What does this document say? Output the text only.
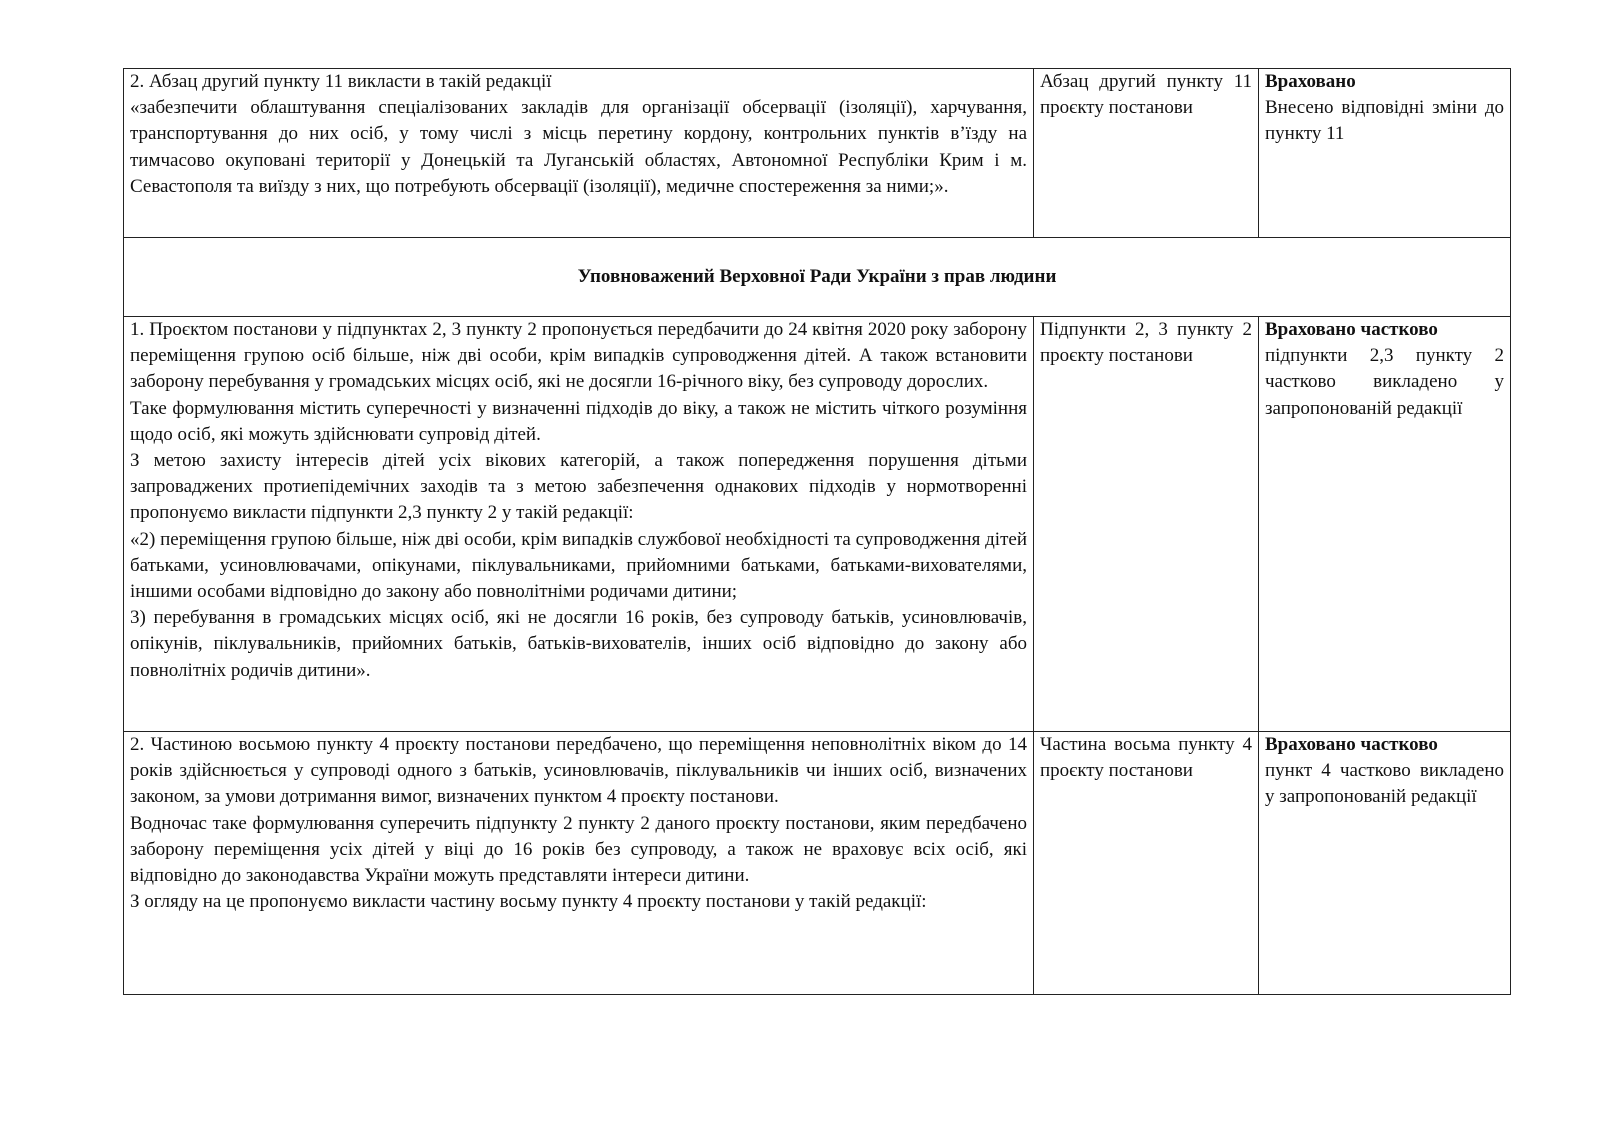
2. Абзац другий пункту 11 викласти в такій редакції
«забезпечити облаштування спеціалізованих закладів для організації обсервації (ізоляції), харчування, транспортування до них осіб, у тому числі з місць перетину кордону, контрольних пунктів в’їзду на тимчасово окуповані території у Донецькій та Луганській областях, Автономної Республіки Крим і м. Севастополя та виїзду з них, що потребують обсервації (ізоляції), медичне спостереження за ними;».	Абзац другий пункту 11 проєкту постанови	Враховано
Внесено відповідні зміни до пункту 11

Уповноважений Верховної Ради України з прав людини		

1. Проєктом постанови у підпунктах 2, 3 пункту 2 пропонується передбачити до 24 квітня 2020 року заборону переміщення групою осіб більше, ніж дві особи, крім випадків супроводження дітей. А також встановити заборону перебування у громадських місцях осіб, які не досягли 16-річного віку, без супроводу дорослих.
Таке формулювання містить суперечності у визначенні підходів до віку, а також не містить чіткого розуміння щодо осіб, які можуть здійснювати супровід дітей.
З метою захисту інтересів дітей усіх вікових категорій, а також попередження порушення дітьми запроваджених протиепідемічних заходів та з метою забезпечення однакових підходів у нормотворенні пропонуємо викласти підпункти 2,3 пункту 2 у такій редакції:
«2) переміщення групою більше, ніж дві особи, крім випадків службової необхідності та супроводження дітей батьками, усиновлювачами, опікунами, піклувальниками, прийомними батьками, батьками-вихователями, іншими особами відповідно до закону або повнолітніми родичами дитини;
3) перебування в громадських місцях осіб, які не досягли 16 років, без супроводу батьків, усиновлювачів, опікунів, піклувальників, прийомних батьків, батьків-вихователів, інших осіб відповідно до закону або повнолітніх родичів дитини».	Підпункти 2, 3 пункту 2 проєкту постанови	Враховано частково
підпункти 2,3 пункту 2 частково викладено у запропонованій редакції

2. Частиною восьмою пункту 4 проєкту постанови передбачено, що переміщення неповнолітніх віком до 14 років здійснюється у супроводі одного з батьків, усиновлювачів, піклувальників чи інших осіб, визначених законом, за умови дотримання вимог, визначених пунктом 4 проєкту постанови.
Водночас таке формулювання суперечить підпункту 2 пункту 2 даного проєкту постанови, яким передбачено заборону переміщення усіх дітей у віці до 16 років без супроводу, а також не враховує всіх осіб, які відповідно до законодавства України можуть представляти інтереси дитини.
З огляду на це пропонуємо викласти частину восьму пункту 4 проєкту постанови у такій редакції:	Частина восьма пункту 4 проєкту постанови	Враховано частково
пункт 4 частково викладено у запропонованій редакції
